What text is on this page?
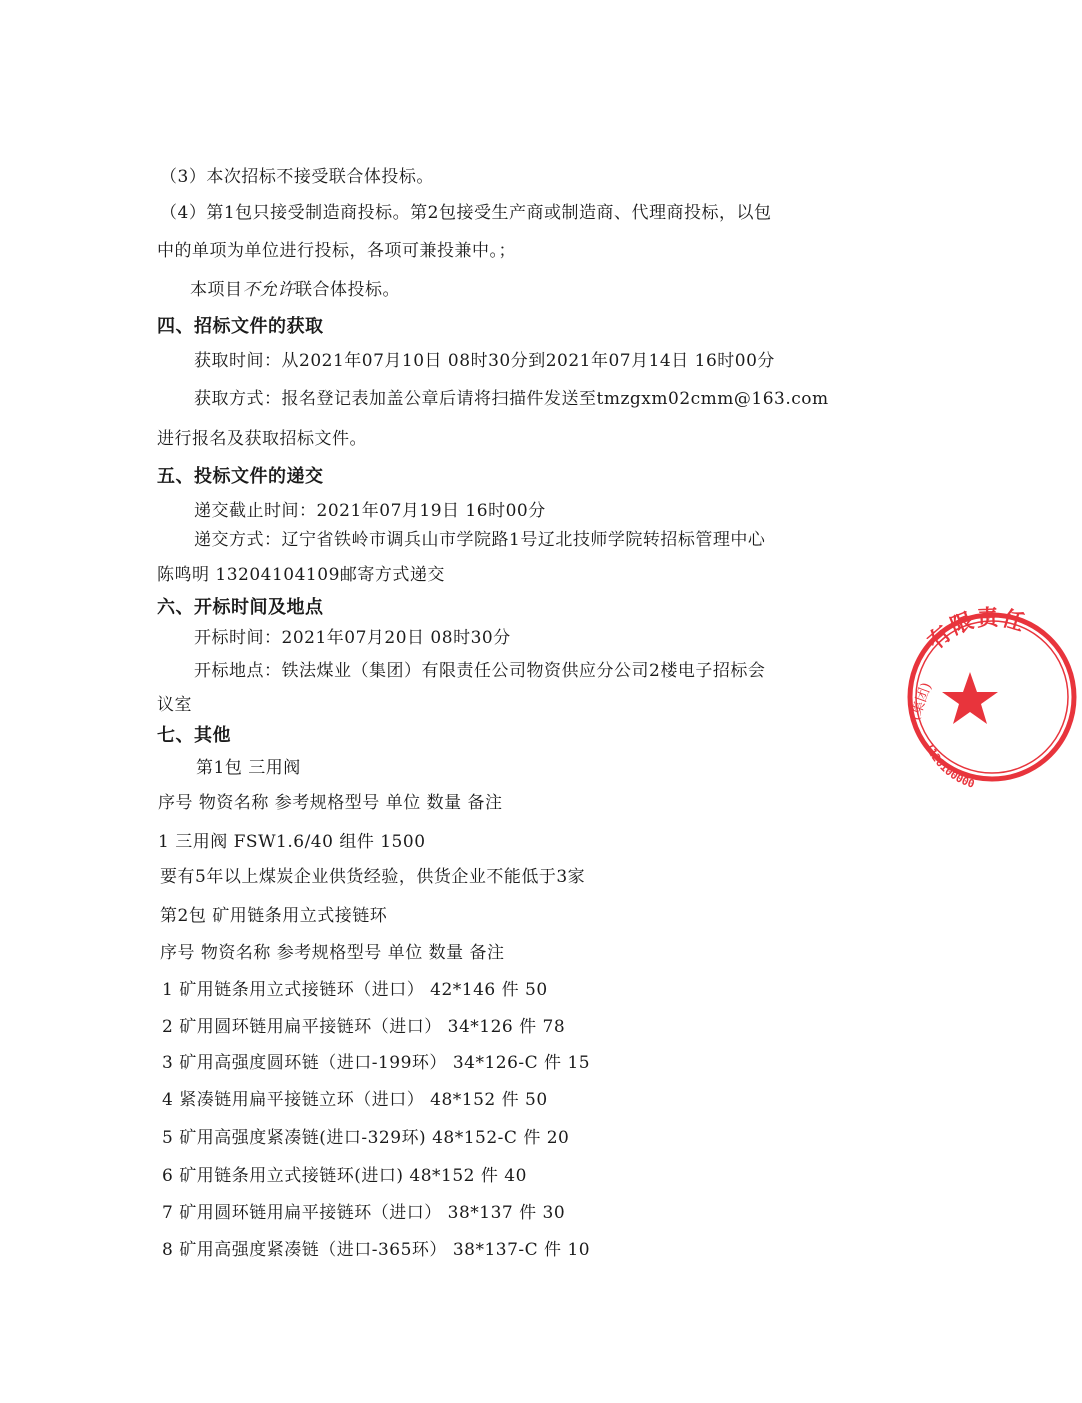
（3）本次招标不接受联合体投标。
（4）第1包只接受制造商投标。第2包接受生产商或制造商、代理商投标，以包
中的单项为单位进行投标，各项可兼投兼中。；
本项目不允许联合体投标。
四、招标文件的获取
获取时间：从2021年07月10日 08时30分到2021年07月14日 16时00分
获取方式：报名登记表加盖公章后请将扫描件发送至tmzgxm02cmm@163.com
进行报名及获取招标文件。
五、投标文件的递交
递交截止时间：2021年07月19日 16时00分
递交方式：辽宁省铁岭市调兵山市学院路1号辽北技师学院转招标管理中心
陈鸣明 13204104109邮寄方式递交
六、开标时间及地点
开标时间：2021年07月20日 08时30分
开标地点：铁法煤业（集团）有限责任公司物资供应分公司2楼电子招标会
议室
七、其他
第1包 三用阀
序号 物资名称 参考规格型号 单位 数量 备注
1 三用阀 FSW1.6/40 组件 1500
要有5年以上煤炭企业供货经验，供货企业不能低于3家
第2包 矿用链条用立式接链环
序号 物资名称 参考规格型号 单位 数量 备注
1 矿用链条用立式接链环（进口） 42*146 件 50
2 矿用圆环链用扁平接链环（进口） 34*126 件 78
3 矿用高强度圆环链（进口-199环） 34*126-C 件 15
4 紧凑链用扁平接链立环（进口） 48*152 件 50
5 矿用高强度紧凑链(进口-329环) 48*152-C 件 20
6 矿用链条用立式接链环(进口) 48*152 件 40
7 矿用圆环链用扁平接链环（进口） 38*137 件 30
8 矿用高强度紧凑链（进口-365环） 38*137-C 件 10
有限责任
(集团)
1126100000
